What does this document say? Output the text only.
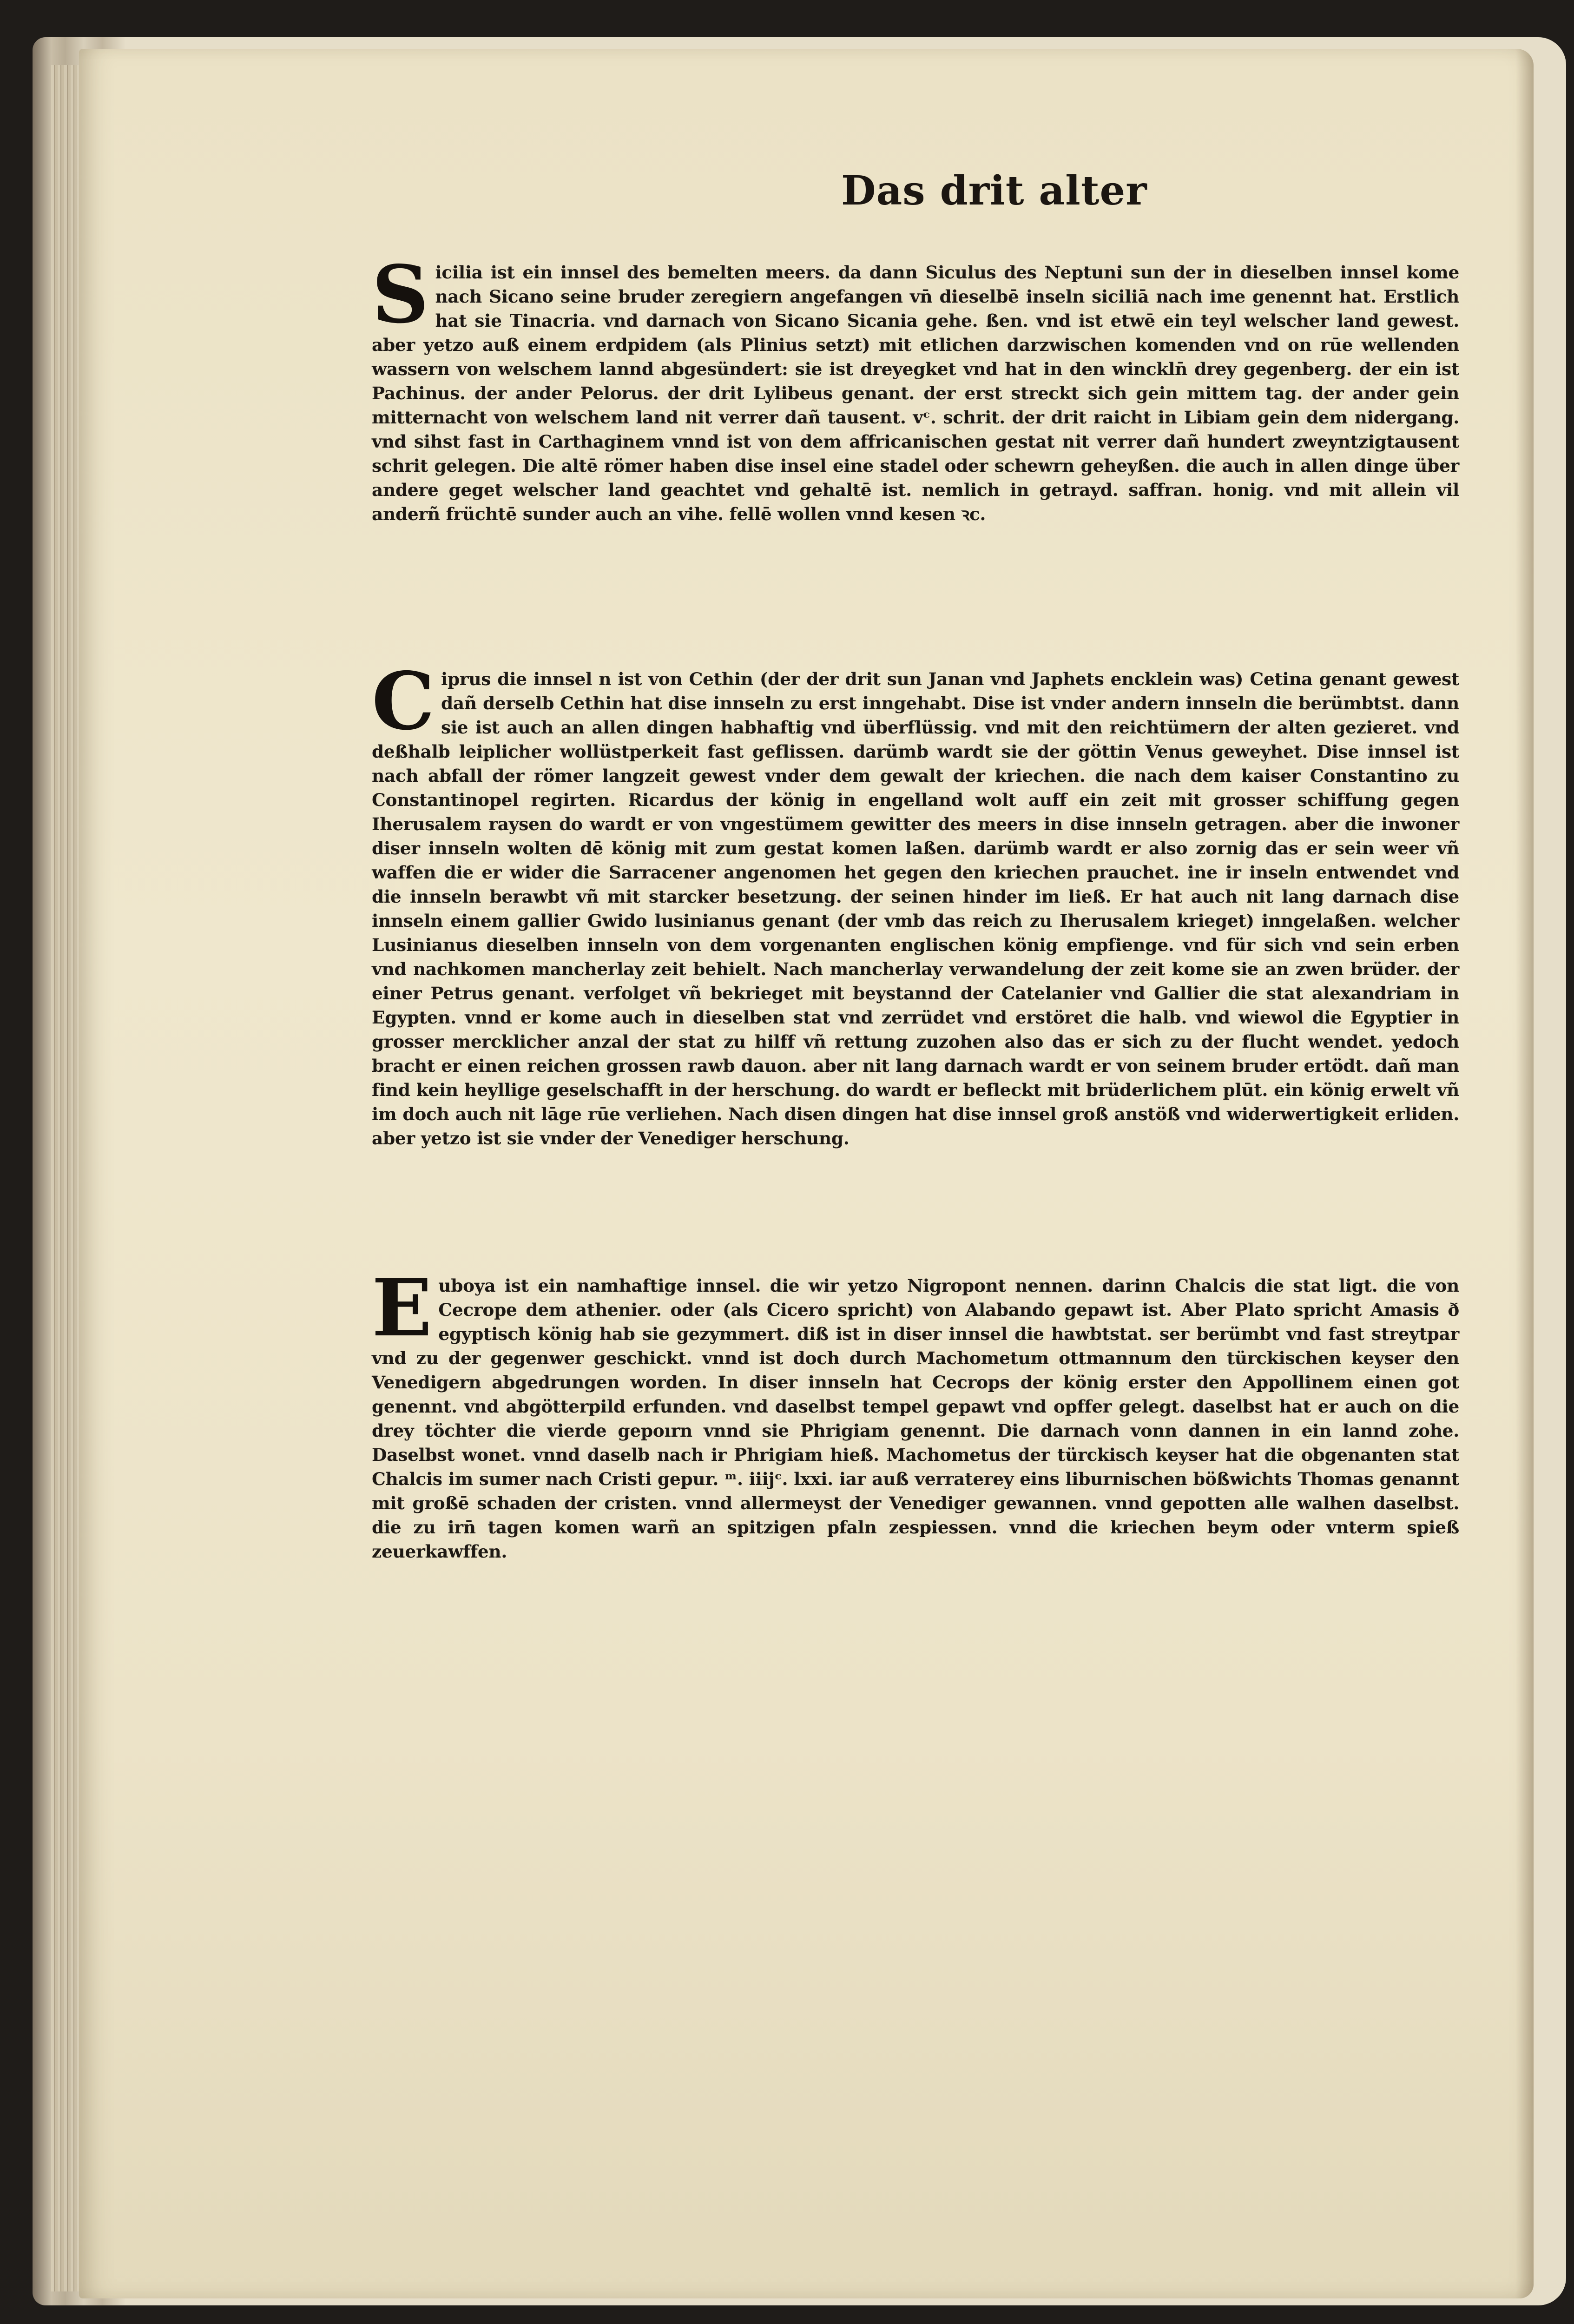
Das drit alter

Sicilia ist ein innsel des bemelten meers. da dann Siculus des Neptuni sun der in dieselben innsel kome nach Sicano seine bruder zeregiern angefangen vn̄ dieselbē inseln siciliā nach ime genennt hat. Erstlich hat sie Tinacria. vnd darnach von Sicano Sicania gehe. ßen. vnd ist etwē ein teyl welscher land gewest. aber yetzo auß einem erdpidem (als Plinius setzt) mit etlichen darzwischen komenden vnd on rūe wellenden wassern von welschem lannd abgesündert: sie ist dreyegket vnd hat in den winckln̄ drey gegenberg. der ein ist Pachinus. der ander Pelorus. der drit Lylibeus genant. der erst streckt sich gein mittem tag. der ander gein mitternacht von welschem land nit verrer dañ tausent. vᶜ. schrit. der drit raicht in Libiam gein dem nidergang. vnd sihst fast in Carthaginem vnnd ist von dem affricanischen gestat nit verrer dañ hundert zweyntzigtausent schrit gelegen. Die altē römer haben dise insel eine stadel oder schewrn geheyßen. die auch in allen dinge über andere geget welscher land geachtet vnd gehaltē ist. nemlich in getrayd. saffran. honig. vnd mit allein vil anderñ früchtē sunder auch an vihe. fellē wollen vnnd kesen ꝛc.

Ciprus die innsel n ist von Cethin (der der drit sun Janan vnd Japhets encklein was) Cetina genant gewest dañ derselb Cethin hat dise innseln zu erst inngehabt. Dise ist vnder andern innseln die berümbtst. dann sie ist auch an allen dingen habhaftig vnd überflüssig. vnd mit den reichtümern der alten gezieret. vnd deßhalb leiplicher wollüstperkeit fast geflissen. darümb wardt sie der göttin Venus geweyhet. Dise innsel ist nach abfall der römer langzeit gewest vnder dem gewalt der kriechen. die nach dem kaiser Constantino zu Constantinopel regirten. Ricardus der könig in engelland wolt auff ein zeit mit grosser schiffung gegen Iherusalem raysen do wardt er von vngestümem gewitter des meers in dise innseln getragen. aber die inwoner diser innseln wolten dē könig mit zum gestat komen laßen. darümb wardt er also zornig das er sein weer vñ waffen die er wider die Sarracener angenomen het gegen den kriechen prauchet. ine ir inseln entwendet vnd die innseln berawbt vñ mit starcker besetzung. der seinen hinder im ließ. Er hat auch nit lang darnach dise innseln einem gallier Gwido lusinianus genant (der vmb das reich zu Iherusalem krieget) inngelaßen. welcher Lusinianus dieselben innseln von dem vorgenanten englischen könig empfienge. vnd für sich vnd sein erben vnd nachkomen mancherlay zeit behielt. Nach mancherlay verwandelung der zeit kome sie an zwen brüder. der einer Petrus genant. verfolget vñ bekrieget mit beystannd der Catelanier vnd Gallier die stat alexandriam in Egypten. vnnd er kome auch in dieselben stat vnd zerrüdet vnd erstöret die halb. vnd wiewol die Egyptier in grosser mercklicher anzal der stat zu hilff vñ rettung zuzohen also das er sich zu der flucht wendet. yedoch bracht er einen reichen grossen rawb dauon. aber nit lang darnach wardt er von seinem bruder ertödt. dañ man find kein heyllige geselschafft in der herschung. do wardt er befleckt mit brüderlichem plūt. ein könig erwelt vñ im doch auch nit lāge rūe verliehen. Nach disen dingen hat dise innsel groß anstöß vnd widerwertigkeit erliden. aber yetzo ist sie vnder der Venediger herschung.

Euboya ist ein namhaftige innsel. die wir yetzo Nigropont nennen. darinn Chalcis die stat ligt. die von Cecrope dem athenier. oder (als Cicero spricht) von Alabando gepawt ist. Aber Plato spricht Amasis ð egyptisch könig hab sie gezymmert. diß ist in diser innsel die hawbtstat. ser berümbt vnd fast streytpar vnd zu der gegenwer geschickt. vnnd ist doch durch Machometum ottmannum den türckischen keyser den Venedigern abgedrungen worden. In diser innseln hat Cecrops der könig erster den Appollinem einen got genennt. vnd abgötterpild erfunden. vnd daselbst tempel gepawt vnd opffer gelegt. daselbst hat er auch on die drey töchter die vierde gepoırn vnnd sie Phrigiam genennt. Die darnach vonn dannen in ein lannd zohe. Daselbst wonet. vnnd daselb nach ir Phrigiam hieß. Machometus der türckisch keyser hat die obgenanten stat Chalcis im sumer nach Cristi gepur. ᵐ. iiijᶜ. lxxi. iar auß verraterey eins liburnischen bößwichts Thomas genannt mit großē schaden der cristen. vnnd allermeyst der Venediger gewannen. vnnd gepotten alle walhen daselbst. die zu irn̄ tagen komen warñ an spitzigen pfaln zespiessen. vnnd die kriechen beym oder vnterm spieß zeuerkawffen.
